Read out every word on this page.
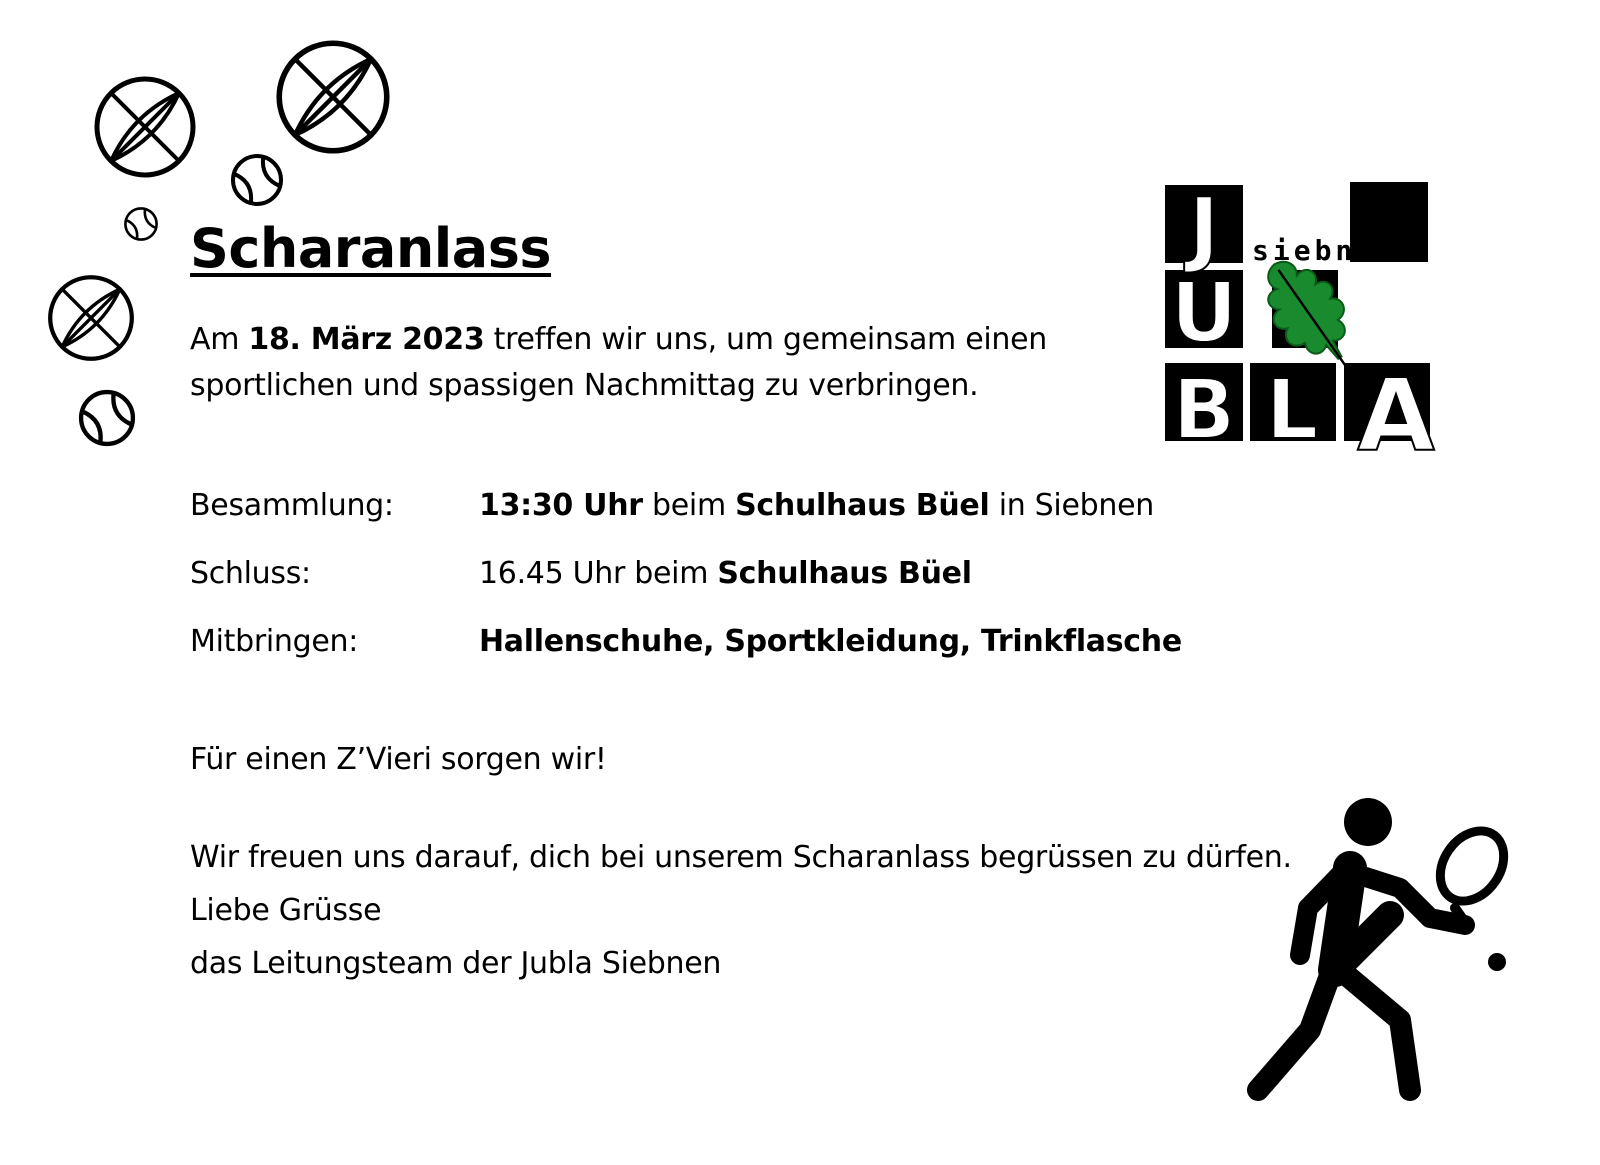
Scharanlass
Am 18. März 2023 treffen wir uns, um gemeinsam einen
sportlichen und spassigen Nachmittag zu verbringen.
Besammlung:	13:30 Uhr beim Schulhaus Büel in Siebnen
Schluss:	16.45 Uhr beim Schulhaus Büel
Mitbringen:	Hallenschuhe, Sportkleidung, Trinkflasche
Für einen Z’Vieri sorgen wir!
Wir freuen uns darauf, dich bei unserem Scharanlass begrüssen zu dürfen.
Liebe Grüsse
das Leitungsteam der Jubla Siebnen
J
U
B L A
siebnen
